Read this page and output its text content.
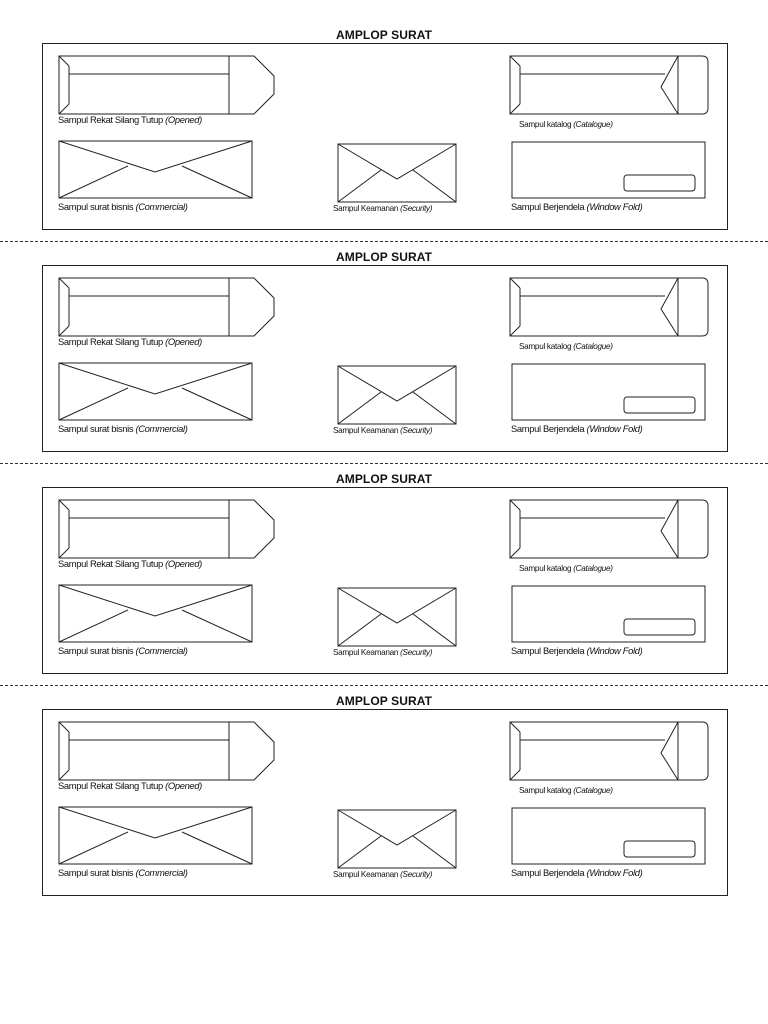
AMPLOP SURAT
Sampul Rekat Silang Tutup (Opened)	Sampul katalog (Catalogue)
Sampul surat bisnis (Commercial)	Sampul Keamanan (Security)	Sampul Berjendela (Window Fold)
AMPLOP SURAT
Sampul Rekat Silang Tutup (Opened)	Sampul katalog (Catalogue)
Sampul surat bisnis (Commercial)	Sampul Keamanan (Security)	Sampul Berjendela (Window Fold)
AMPLOP SURAT
Sampul Rekat Silang Tutup (Opened)	Sampul katalog (Catalogue)
Sampul surat bisnis (Commercial)	Sampul Keamanan (Security)	Sampul Berjendela (Window Fold)
AMPLOP SURAT
Sampul Rekat Silang Tutup (Opened)	Sampul katalog (Catalogue)
Sampul surat bisnis (Commercial)	Sampul Keamanan (Security)	Sampul Berjendela (Window Fold)
